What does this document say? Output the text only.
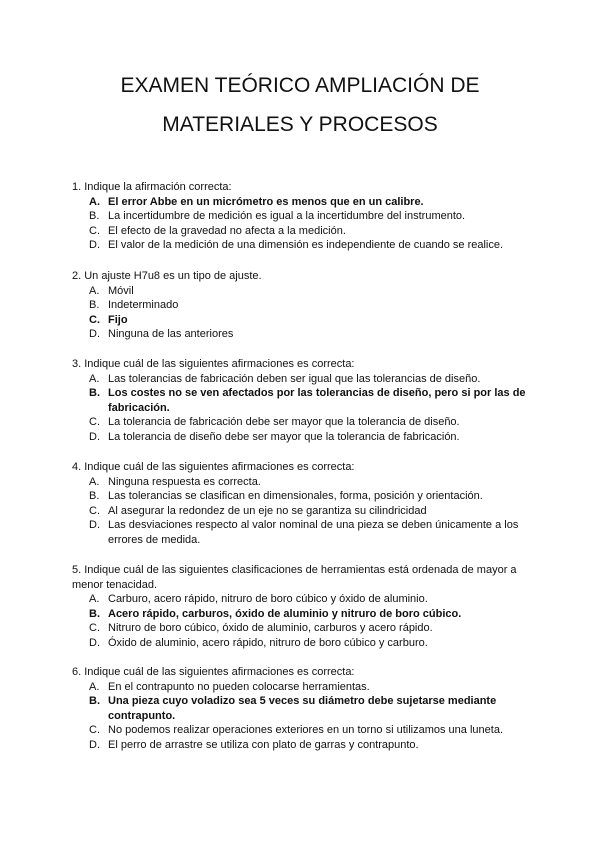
EXAMEN TEÓRICO AMPLIACIÓN DE
MATERIALES Y PROCESOS

1. Indique la afirmación correcta:

A. El error Abbe en un micrómetro es menos que en un calibre.
B. La incertidumbre de medición es igual a la incertidumbre del instrumento.
C. El efecto de la gravedad no afecta a la medición.
D. El valor de la medición de una dimensión es independiente de cuando se realice.

2. Un ajuste H7u8 es un tipo de ajuste.

A. Móvil
B. Indeterminado
C. Fijo
D. Ninguna de las anteriores

3. Indique cuál de las siguientes afirmaciones es correcta:

A. Las tolerancias de fabricación deben ser igual que las tolerancias de diseño.
B. Los costes no se ven afectados por las tolerancias de diseño, pero si por las de fabricación.
C. La tolerancia de fabricación debe ser mayor que la tolerancia de diseño.
D. La tolerancia de diseño debe ser mayor que la tolerancia de fabricación.

4. Indique cuál de las siguientes afirmaciones es correcta:

A. Ninguna respuesta es correcta.
B. Las tolerancias se clasifican en dimensionales, forma, posición y orientación.
C. Al asegurar la redondez de un eje no se garantiza su cilindricidad
D. Las desviaciones respecto al valor nominal de una pieza se deben únicamente a los errores de medida.

5. Indique cuál de las siguientes clasificaciones de herramientas está ordenada de mayor a menor tenacidad.

A. Carburo, acero rápido, nitruro de boro cúbico y óxido de aluminio.
B. Acero rápido, carburos, óxido de aluminio y nitruro de boro cúbico.
C. Nitruro de boro cúbico, óxido de aluminio, carburos y acero rápido.
D. Óxido de aluminio, acero rápido, nitruro de boro cúbico y carburo.

6. Indique cuál de las siguientes afirmaciones es correcta:

A. En el contrapunto no pueden colocarse herramientas.
B. Una pieza cuyo voladizo sea 5 veces su diámetro debe sujetarse mediante contrapunto.
C. No podemos realizar operaciones exteriores en un torno si utilizamos una luneta.
D. El perro de arrastre se utiliza con plato de garras y contrapunto.
